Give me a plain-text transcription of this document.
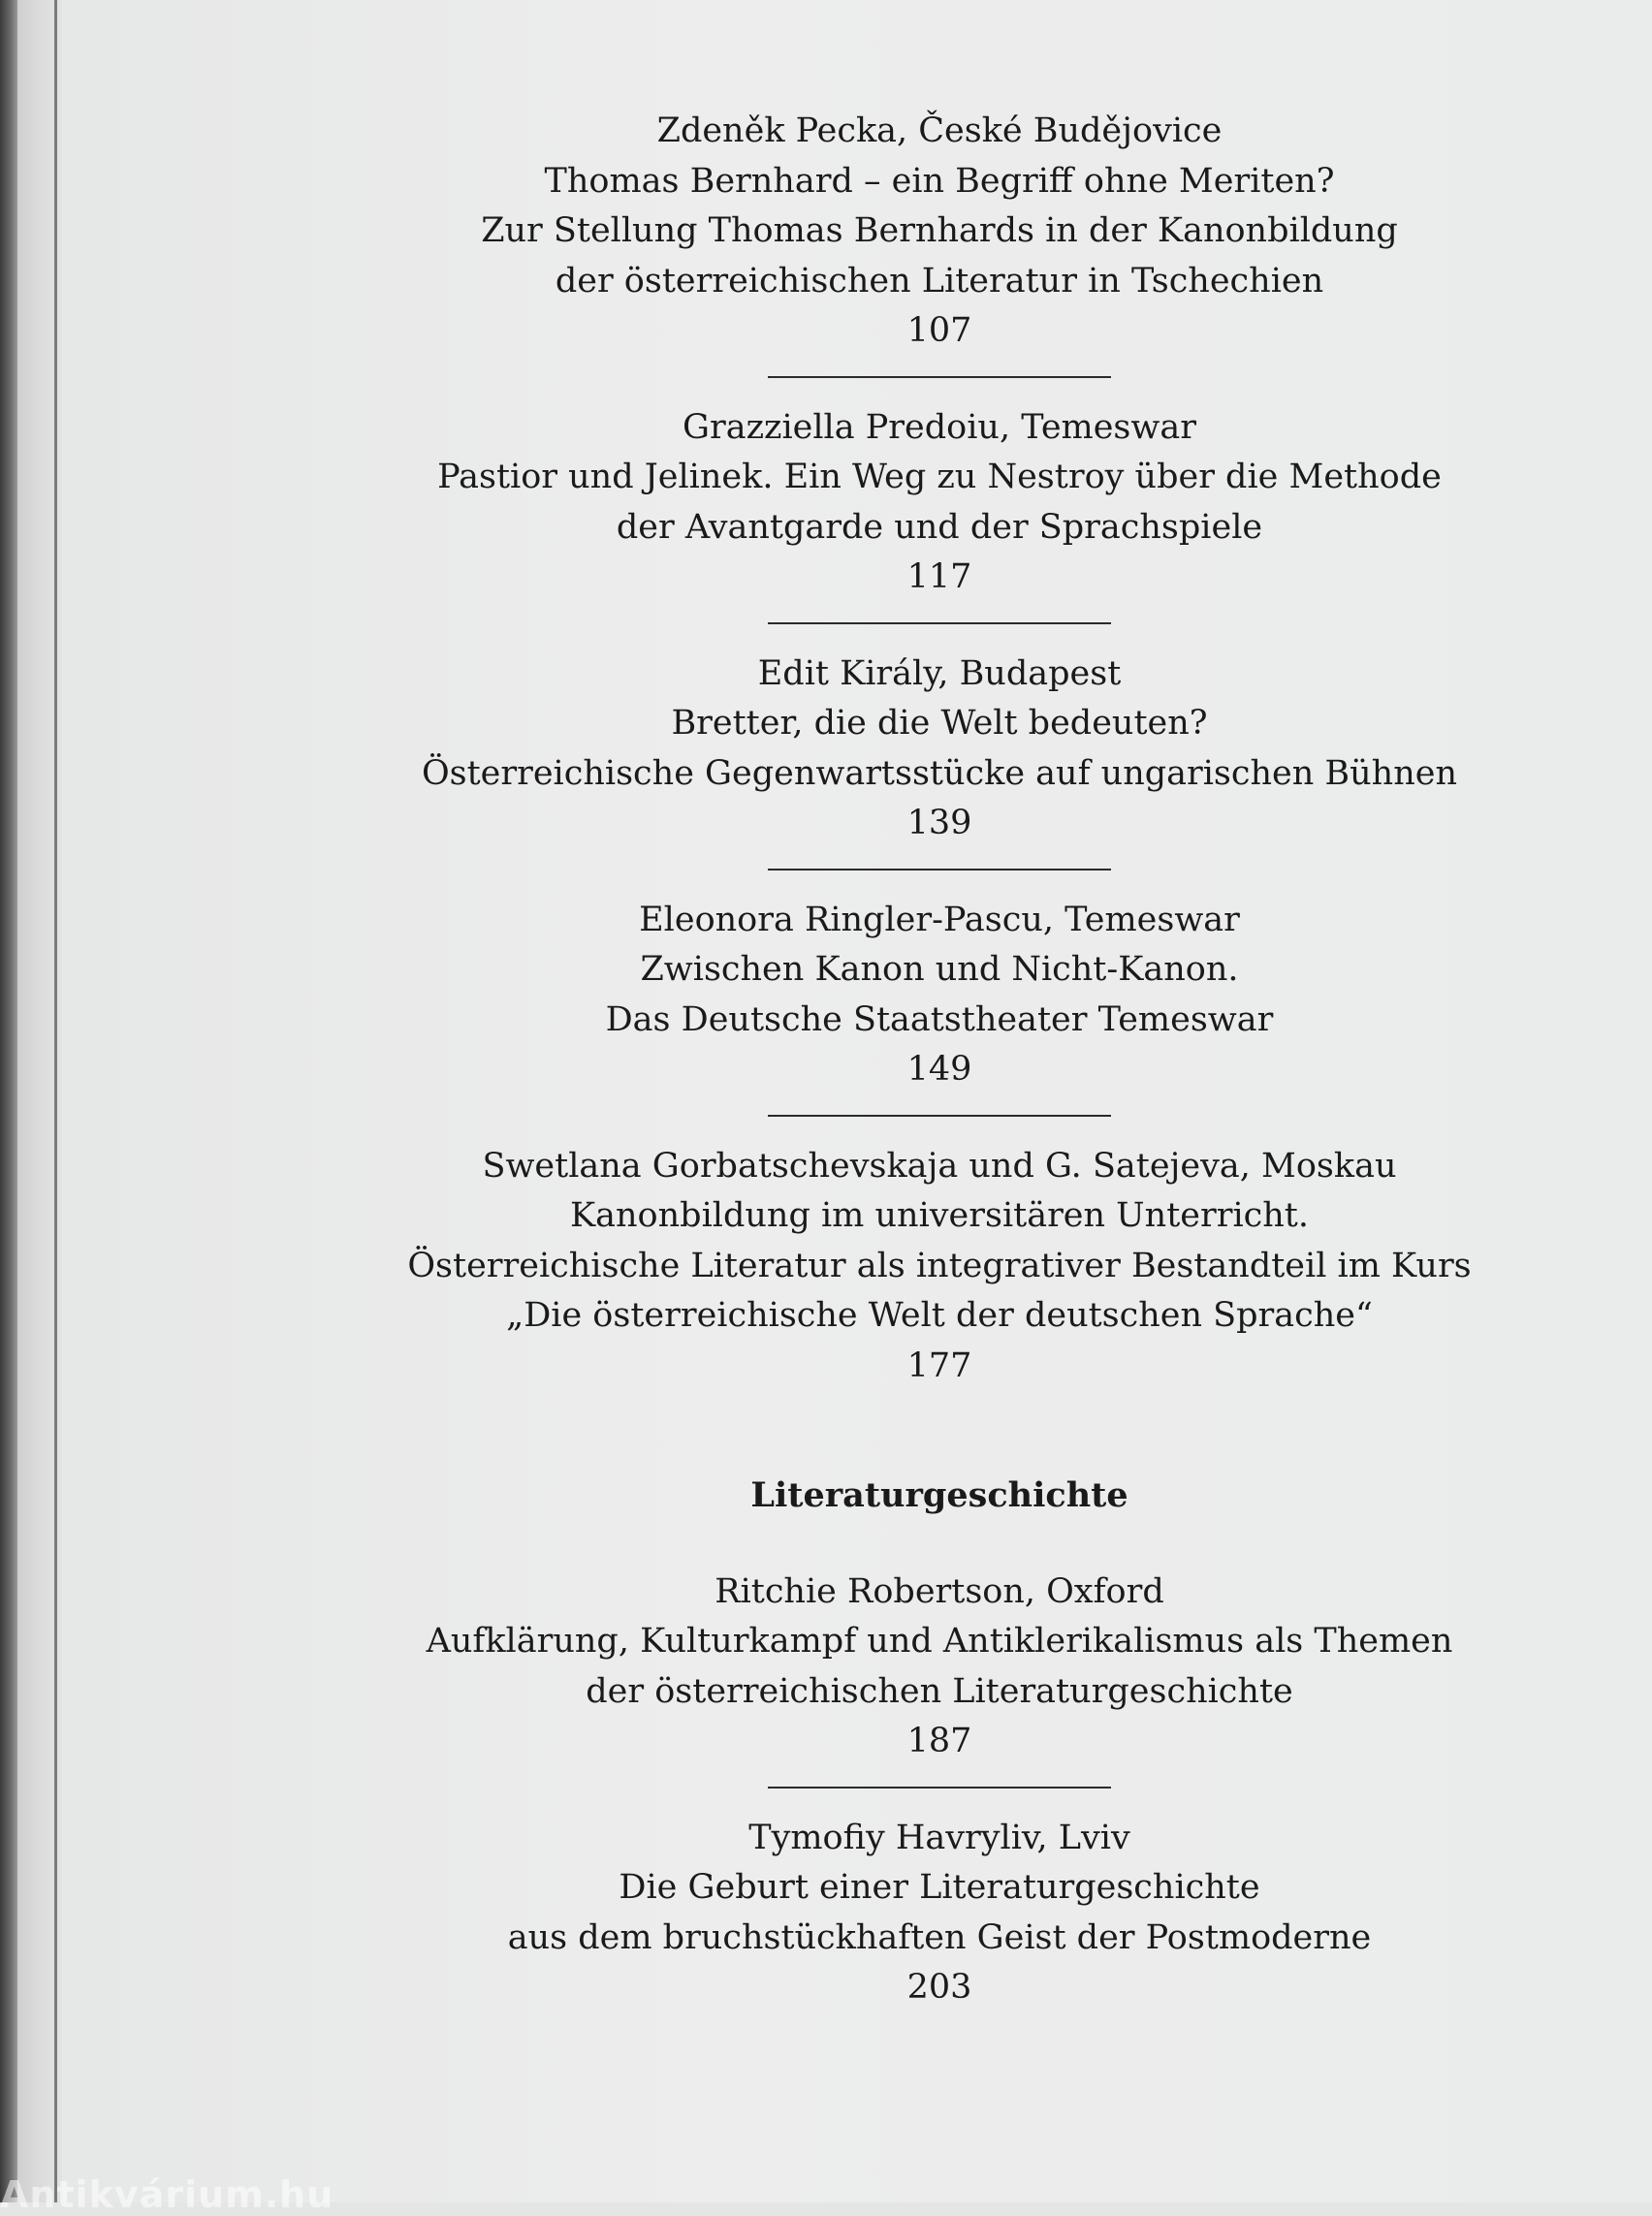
Zdeněk Pecka, České Budějovice

Thomas Bernhard – ein Begriff ohne Meriten?

Zur Stellung Thomas Bernhards in der Kanonbildung

der österreichischen Literatur in Tschechien

107

Grazziella Predoiu, Temeswar

Pastior und Jelinek. Ein Weg zu Nestroy über die Methode

der Avantgarde und der Sprachspiele

117

Edit Király, Budapest

Bretter, die die Welt bedeuten?

Österreichische Gegenwartsstücke auf ungarischen Bühnen

139

Eleonora Ringler-Pascu, Temeswar

Zwischen Kanon und Nicht-Kanon.

Das Deutsche Staatstheater Temeswar

149

Swetlana Gorbatschevskaja und G. Satejeva, Moskau

Kanonbildung im universitären Unterricht.

Österreichische Literatur als integrativer Bestandteil im Kurs

„Die österreichische Welt der deutschen Sprache“

177

Literaturgeschichte

Ritchie Robertson, Oxford

Aufklärung, Kulturkampf und Antiklerikalismus als Themen

der österreichischen Literaturgeschichte

187

Tymofiy Havryliv, Lviv

Die Geburt einer Literaturgeschichte

aus dem bruchstückhaften Geist der Postmoderne

203

Antikvárium.hu
